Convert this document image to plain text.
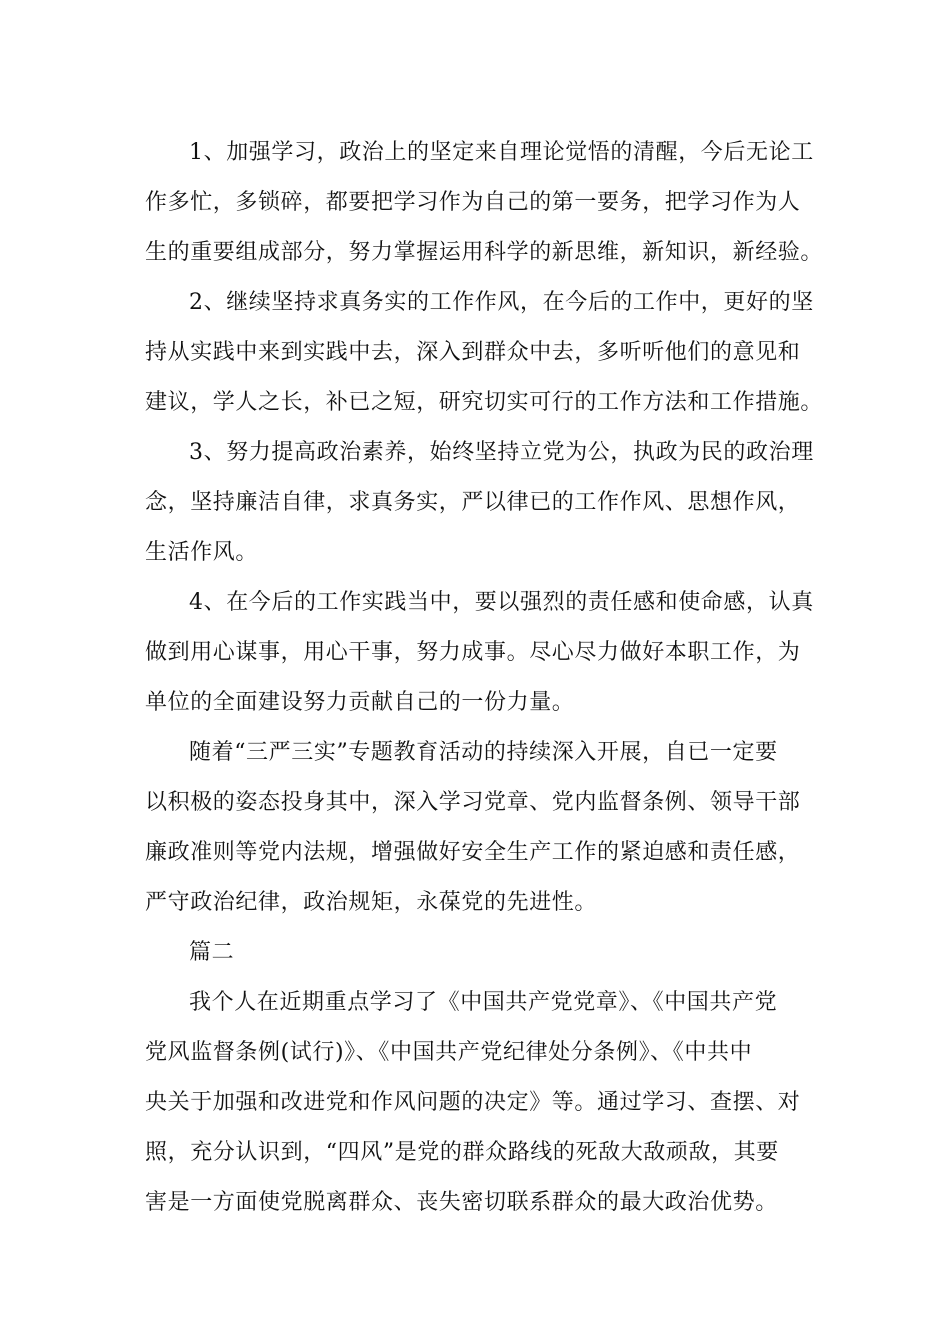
1、加强学习，政治上的坚定来自理论觉悟的清醒，今后无论工
作多忙，多锁碎，都要把学习作为自己的第一要务，把学习作为人
生的重要组成部分，努力掌握运用科学的新思维，新知识，新经验。
2、继续坚持求真务实的工作作风，在今后的工作中，更好的坚
持从实践中来到实践中去，深入到群众中去，多听听他们的意见和
建议，学人之长，补已之短，研究切实可行的工作方法和工作措施。
3、努力提高政治素养，始终坚持立党为公，执政为民的政治理
念，坚持廉洁自律，求真务实，严以律已的工作作风、思想作风，
生活作风。
4、在今后的工作实践当中，要以强烈的责任感和使命感，认真
做到用心谋事，用心干事，努力成事。尽心尽力做好本职工作，为
单位的全面建设努力贡献自己的一份力量。
随着“三严三实”专题教育活动的持续深入开展，自已一定要
以积极的姿态投身其中，深入学习党章、党内监督条例、领导干部
廉政准则等党内法规，增强做好安全生产工作的紧迫感和责任感，
严守政治纪律，政治规矩，永葆党的先进性。
篇二
我个人在近期重点学习了《中国共产党党章》、《中国共产党
党风监督条例(试行)》、《中国共产党纪律处分条例》、《中共中
央关于加强和改进党和作风问题的决定》等。通过学习、查摆、对
照，充分认识到，“四风”是党的群众路线的死敌大敌顽敌，其要
害是一方面使党脱离群众、丧失密切联系群众的最大政治优势。
